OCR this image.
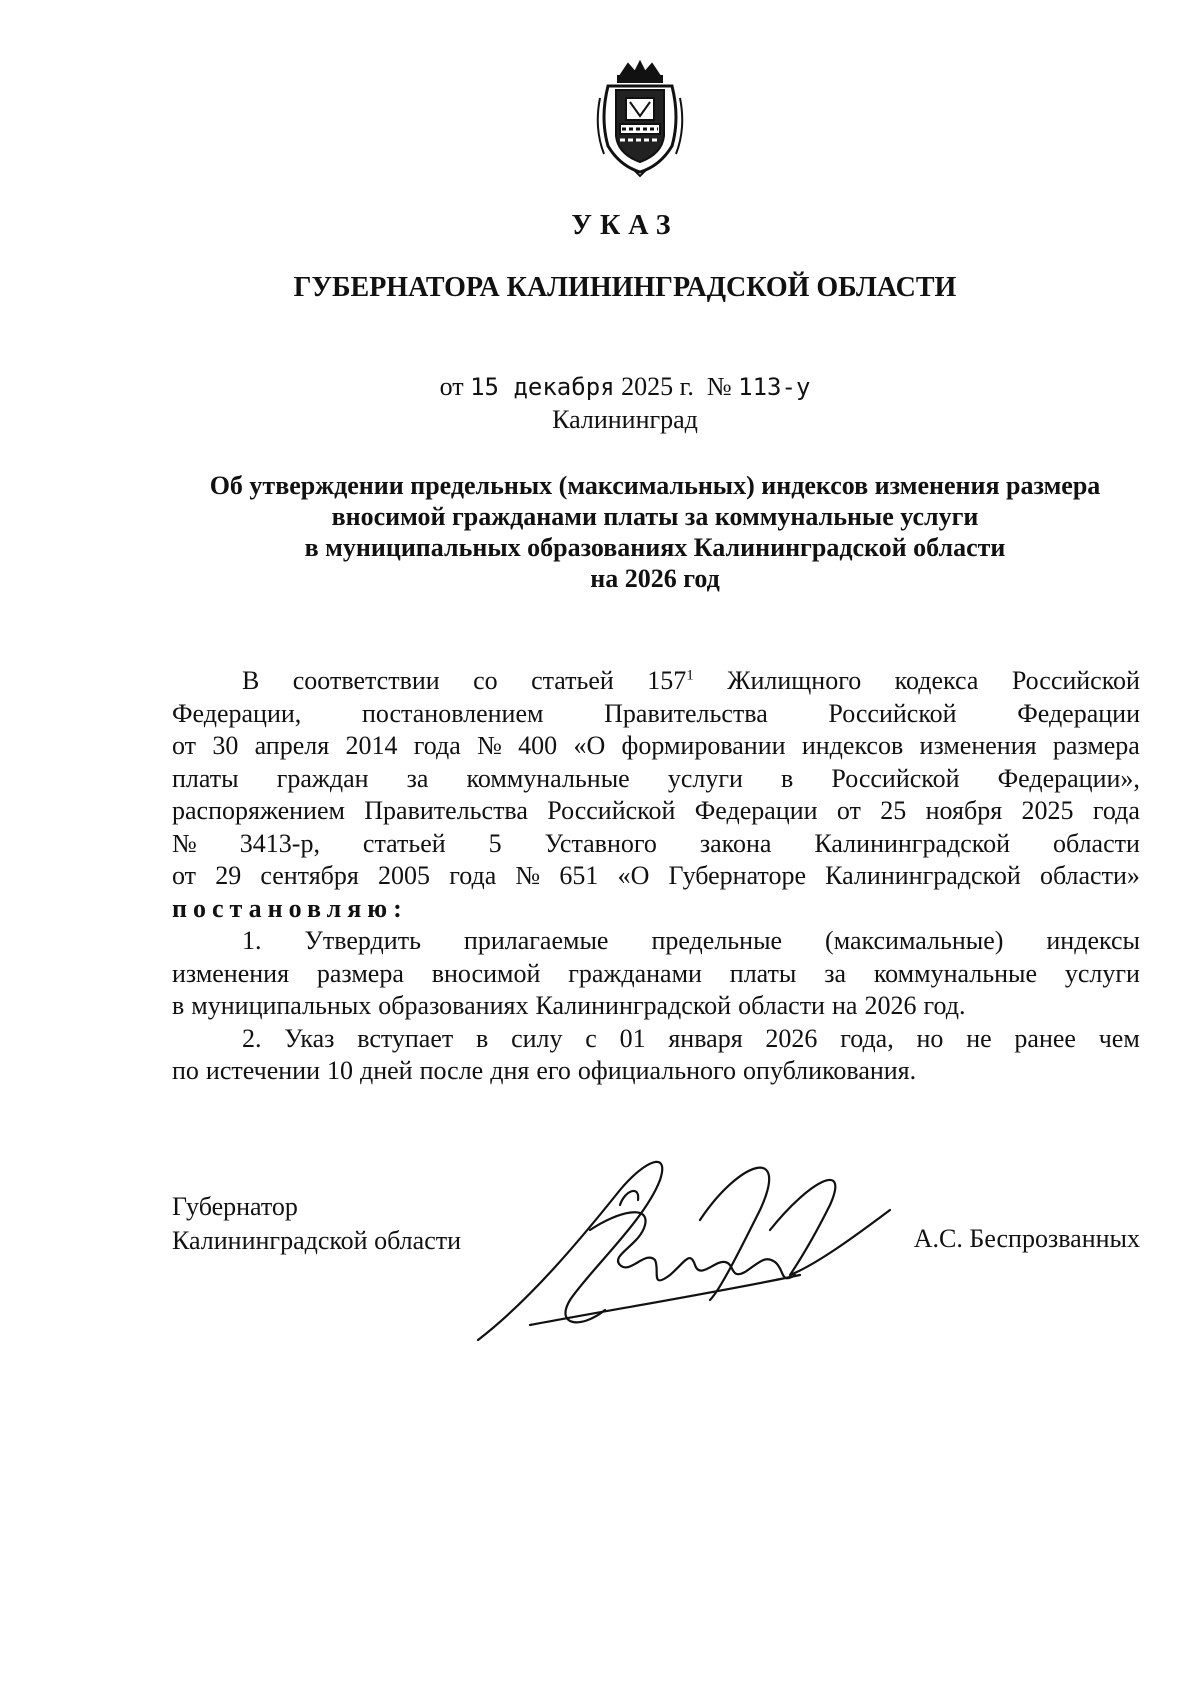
УКАЗ
ГУБЕРНАТОРА КАЛИНИНГРАДСКОЙ ОБЛАСТИ
от 15 декабря 2025 г. № 113-у
Калининград
Об утверждении предельных (максимальных) индексов изменения размера
вносимой гражданами платы за коммунальные услуги
в муниципальных образованиях Калининградской области
на 2026 год
В соответствии со статьей $157^1$ Жилищного кодекса Российской
Федерации, постановлением Правительства Российской Федерации
от 30 апреля 2014 года № 400 «О формировании индексов изменения размера
платы граждан за коммунальные услуги в Российской Федерации»,
распоряжением Правительства Российской Федерации от 25 ноября 2025 года
№ 3413-р, статьей 5 Уставного закона Калининградской области
от 29 сентября 2005 года № 651 «О Губернаторе Калининградской области»
постановляю:
1. Утвердить прилагаемые предельные (максимальные) индексы
изменения размера вносимой гражданами платы за коммунальные услуги
в муниципальных образованиях Калининградской области на 2026 год.
2. Указ вступает в силу с 01 января 2026 года, но не ранее чем
по истечении 10 дней после дня его официального опубликования.
Губернатор
Калининградской области	А.С. Беспрозванных
